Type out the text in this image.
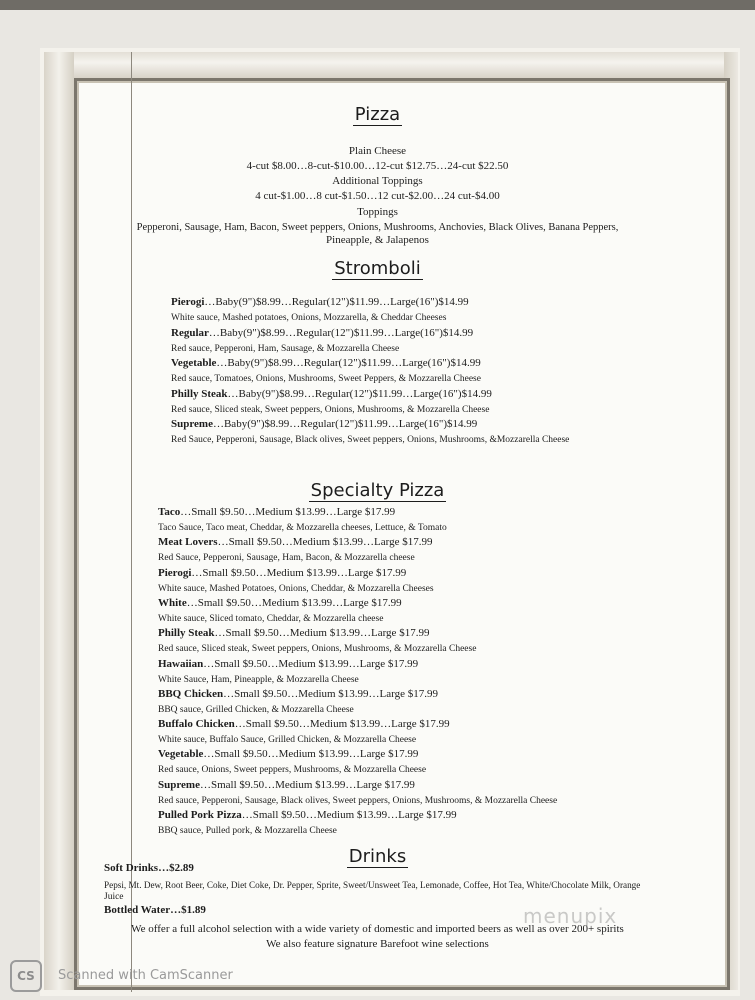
Pizza
Plain Cheese
4-cut $8.00…8-cut-$10.00…12-cut $12.75…24-cut $22.50
Additional Toppings
4 cut-$1.00…8 cut-$1.50…12 cut-$2.00…24 cut-$4.00
Toppings
Pepperoni, Sausage, Ham, Bacon, Sweet peppers, Onions, Mushrooms, Anchovies, Black Olives, Banana Peppers,
Pineapple, & Jalapenos
Stromboli
Pierogi…Baby(9")$8.99…Regular(12")$11.99…Large(16")$14.99
White sauce, Mashed potatoes, Onions, Mozzarella, & Cheddar Cheeses
Regular…Baby(9")$8.99…Regular(12")$11.99…Large(16")$14.99
Red sauce, Pepperoni, Ham, Sausage, & Mozzarella Cheese
Vegetable…Baby(9")$8.99…Regular(12")$11.99…Large(16")$14.99
Red sauce, Tomatoes, Onions, Mushrooms, Sweet Peppers, & Mozzarella Cheese
Philly Steak…Baby(9")$8.99…Regular(12")$11.99…Large(16")$14.99
Red sauce, Sliced steak, Sweet peppers, Onions, Mushrooms, & Mozzarella Cheese
Supreme…Baby(9")$8.99…Regular(12")$11.99…Large(16")$14.99
Red Sauce, Pepperoni, Sausage, Black olives, Sweet peppers, Onions, Mushrooms, &Mozzarella Cheese
Specialty Pizza
Taco…Small $9.50…Medium $13.99…Large $17.99
Taco Sauce, Taco meat, Cheddar, & Mozzarella cheeses, Lettuce, & Tomato
Meat Lovers…Small $9.50…Medium $13.99…Large $17.99
Red Sauce, Pepperoni, Sausage, Ham, Bacon, & Mozzarella cheese
Pierogi…Small $9.50…Medium $13.99…Large $17.99
White sauce, Mashed Potatoes, Onions, Cheddar, & Mozzarella Cheeses
White…Small $9.50…Medium $13.99…Large $17.99
White sauce, Sliced tomato, Cheddar, & Mozzarella cheese
Philly Steak…Small $9.50…Medium $13.99…Large $17.99
Red sauce, Sliced steak, Sweet peppers, Onions, Mushrooms, & Mozzarella Cheese
Hawaiian…Small $9.50…Medium $13.99…Large $17.99
White Sauce, Ham, Pineapple, & Mozzarella Cheese
BBQ Chicken…Small $9.50…Medium $13.99…Large $17.99
BBQ sauce, Grilled Chicken, & Mozzarella Cheese
Buffalo Chicken…Small $9.50…Medium $13.99…Large $17.99
White sauce, Buffalo Sauce, Grilled Chicken, & Mozzarella Cheese
Vegetable…Small $9.50…Medium $13.99…Large $17.99
Red sauce, Onions, Sweet peppers, Mushrooms, & Mozzarella Cheese
Supreme…Small $9.50…Medium $13.99…Large $17.99
Red sauce, Pepperoni, Sausage, Black olives, Sweet peppers, Onions, Mushrooms, & Mozzarella Cheese
Pulled Pork Pizza…Small $9.50…Medium $13.99…Large $17.99
BBQ sauce, Pulled pork, & Mozzarella Cheese
Drinks
Soft Drinks…$2.89
Pepsi, Mt. Dew, Root Beer, Coke, Diet Coke, Dr. Pepper, Sprite, Sweet/Unsweet Tea, Lemonade, Coffee, Hot Tea, White/Chocolate Milk, Orange
Juice
Bottled Water…$1.89
We offer a full alcohol selection with a wide variety of domestic and imported beers as well as over 200+ spirits
We also feature signature Barefoot wine selections
menupix
CS	Scanned with CamScanner
